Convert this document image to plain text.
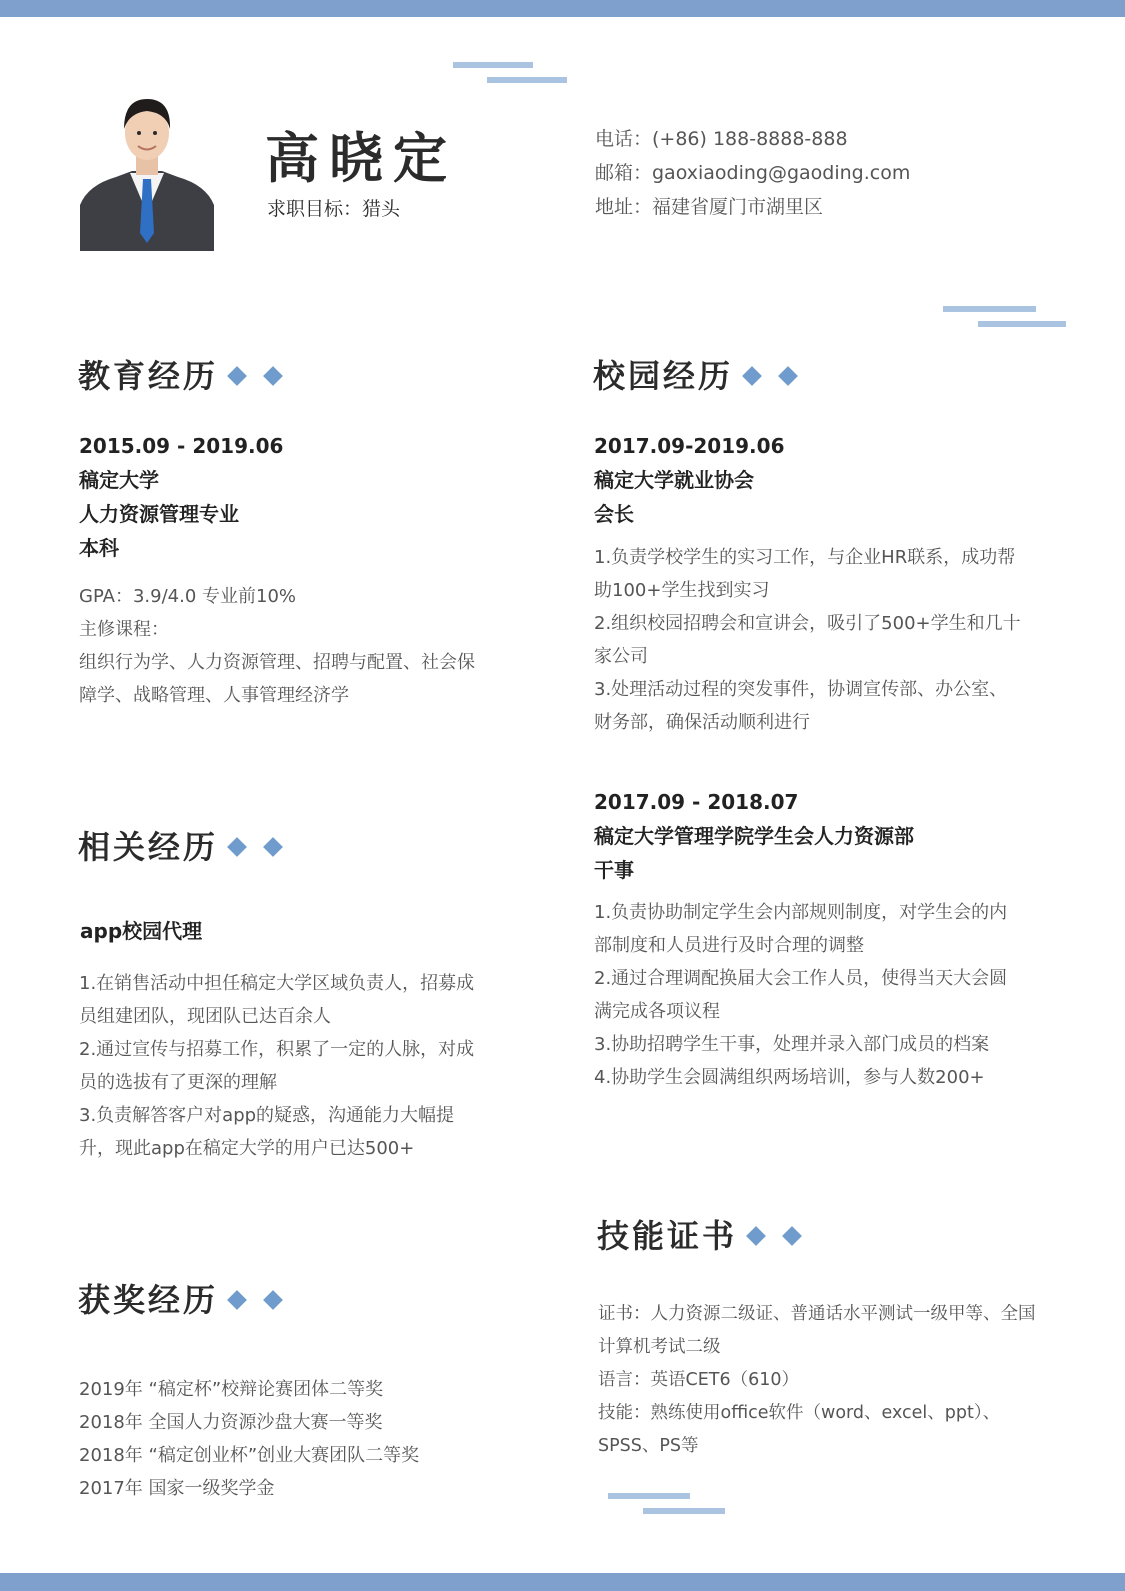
高晓定
求职目标：猎头
电话：(+86) 188-8888-888
邮箱：gaoxiaoding@gaoding.com
地址：福建省厦门市湖里区
教育经历
2015.09 - 2019.06
稿定大学
人力资源管理专业
本科
GPA：3.9/4.0 专业前10%
主修课程：
组织行为学、人力资源管理、招聘与配置、社会保
障学、战略管理、人事管理经济学
相关经历
app校园代理
1.在销售活动中担任稿定大学区域负责人，招募成
员组建团队，现团队已达百余人
2.通过宣传与招募工作，积累了一定的人脉，对成
员的选拔有了更深的理解
3.负责解答客户对app的疑惑，沟通能力大幅提
升，现此app在稿定大学的用户已达500+
获奖经历
2019年 “稿定杯”校辩论赛团体二等奖
2018年 全国人力资源沙盘大赛一等奖
2018年 “稿定创业杯”创业大赛团队二等奖
2017年 国家一级奖学金
校园经历
2017.09-2019.06
稿定大学就业协会
会长
1.负责学校学生的实习工作，与企业HR联系，成功帮
助100+学生找到实习
2.组织校园招聘会和宣讲会，吸引了500+学生和几十
家公司
3.处理活动过程的突发事件，协调宣传部、办公室、
财务部，确保活动顺利进行
2017.09 - 2018.07
稿定大学管理学院学生会人力资源部
干事
1.负责协助制定学生会内部规则制度，对学生会的内
部制度和人员进行及时合理的调整
2.通过合理调配换届大会工作人员，使得当天大会圆
满完成各项议程
3.协助招聘学生干事，处理并录入部门成员的档案
4.协助学生会圆满组织两场培训，参与人数200+
技能证书
证书：人力资源二级证、普通话水平测试一级甲等、全国
计算机考试二级
语言：英语CET6（610）
技能：熟练使用office软件（word、excel、ppt）、
SPSS、PS等
